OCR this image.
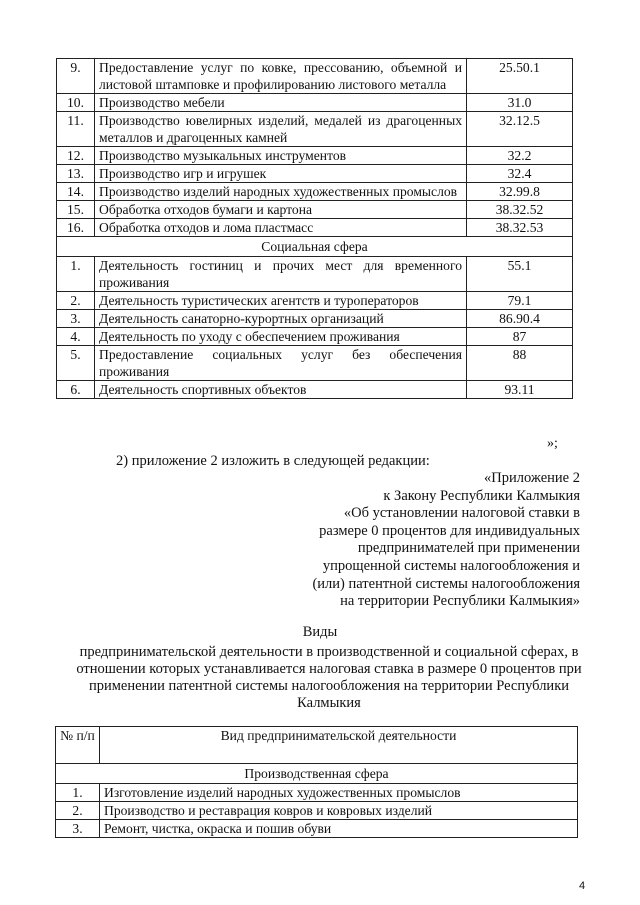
9.	Предоставление услуг по ковке, прессованию, объемной и листовой штамповке и профилированию листового металла	25.50.1
10.	Производство мебели	31.0
11.	Производство ювелирных изделий, медалей из драгоценных металлов и драгоценных камней	32.12.5
12.	Производство музыкальных инструментов	32.2
13.	Производство игр и игрушек	32.4
14.	Производство изделий народных художественных промыслов	32.99.8
15.	Обработка отходов бумаги и картона	38.32.52
16.	Обработка отходов и лома пластмасс	38.32.53
Социальная сфера		
1.	Деятельность гостиниц и прочих мест для временного проживания	55.1
2.	Деятельность туристических агентств и туроператоров	79.1
3.	Деятельность санаторно-курортных организаций	86.90.4
4.	Деятельность по уходу с обеспечением проживания	87
5.	Предоставление социальных услуг без обеспечения проживания	88
6.	Деятельность спортивных объектов	93.11
»;
2) приложение 2 изложить в следующей редакции:
«Приложение 2
к Закону Республики Калмыкия
«Об установлении налоговой ставки в
размере 0 процентов для индивидуальных
предпринимателей при применении
упрощенной системы налогообложения и
(или) патентной системы налогообложения
на территории Республики Калмыкия»
Виды
предпринимательской деятельности в производственной и социальной сферах, в отношении которых устанавливается налоговая ставка в размере 0 процентов при применении патентной системы налогообложения на территории Республики Калмыкия
№ п/п	Вид предпринимательской деятельности
Производственная сфера	
1.	Изготовление изделий народных художественных промыслов
2.	Производство и реставрация ковров и ковровых изделий
3.	Ремонт, чистка, окраска и пошив обуви
4
